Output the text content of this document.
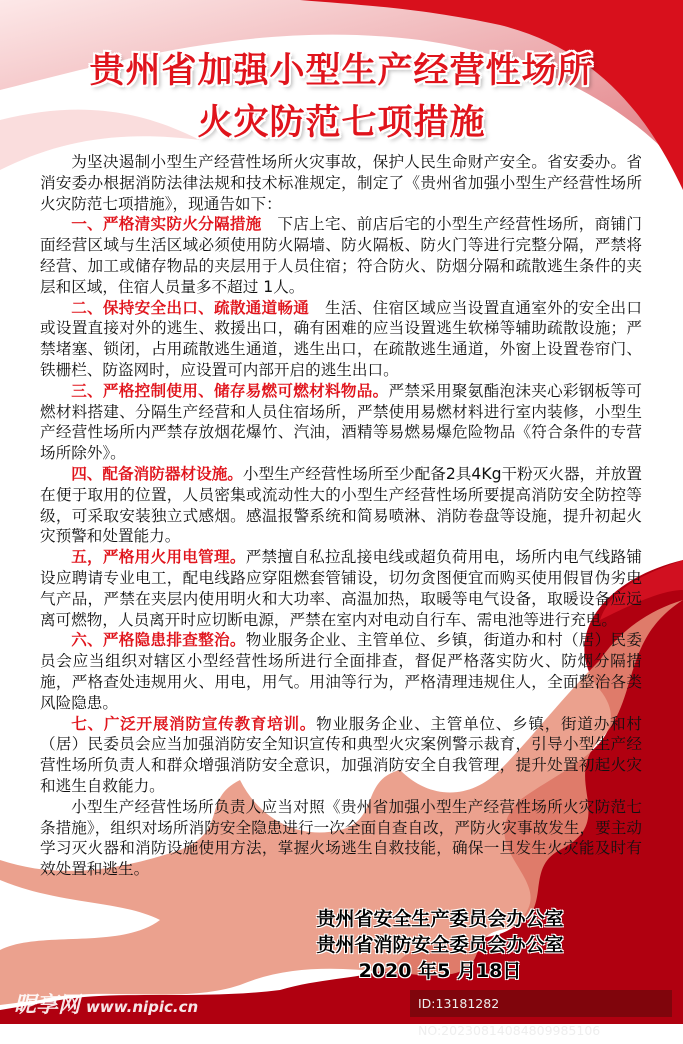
贵州省加强小型生产经营性场所
火灾防范七项措施

为坚决遏制小型生产经营性场所火灾事故，保护人民生命财产安全。省安委办。省消安委办根据消防法律法规和技术标准规定，制定了《贵州省加强小型生产经营性场所火灾防范七项措施》，现通告如下：

一、严格清实防火分隔措施　下店上宅、前店后宅的小型生产经营性场所，商铺门面经营区域与生活区域必须使用防火隔墙、防火隔板、防火门等进行完整分隔，严禁将经营、加工或储存物品的夹层用于人员住宿；符合防火、防烟分隔和疏散逃生条件的夹层和区域，住宿人员量多不超过 1人。

二、保持安全出口、疏散通道畅通　生活、住宿区域应当设置直通室外的安全出口或设置直接对外的逃生、救援出口，确有困难的应当设置逃生软梯等辅助疏散设施；严禁堵塞、锁闭，占用疏散逃生通道，逃生出口，在疏散逃生通道，外窗上设置卷帘门、铁栅栏、防盗网时，应设置可内部开启的逃生出口。

三、严格控制使用、储存易燃可燃材料物品。严禁采用聚氨酯泡沫夹心彩钢板等可燃材料搭建、分隔生产经营和人员住宿场所，严禁使用易燃材料进行室内装修，小型生产经营性场所内严禁存放烟花爆竹、汽油，酒精等易燃易爆危险物品《符合条件的专营场所除外》。

四、配备消防器材设施。小型生产经营性场所至少配备2具4Kg干粉灭火器，并放置在便于取用的位置，人员密集或流动性大的小型生产经营性场所要提高消防安全防控等级，可采取安装独立式感烟。感温报警系统和简易喷淋、消防卷盘等设施，提升初起火灾预警和处置能力。

五，严格用火用电管理。严禁擅自私拉乱接电线或超负荷用电，场所内电气线路铺设应聘请专业电工，配电线路应穿阻燃套管铺设，切勿贪图便宜而购买使用假冒伪劣电气产品，严禁在夹层内使用明火和大功率、高温加热，取暖等电气设备，取暖设备应远离可燃物，人员离开时应切断电源，严禁在室内对电动自行车、需电池等进行充电。

六、严格隐患排查整治。物业服务企业、主管单位、乡镇，街道办和村（居）民委员会应当组织对辖区小型经营性场所进行全面排查，督促严格落实防火、防烟分隔措施，严格查处违规用火、用电，用气。用油等行为，严格清理违规住人，全面整治各类风险隐患。

七、广泛开展消防宣传教育培训。物业服务企业、主管单位、乡镇，街道办和村（居）民委员会应当加强消防安全知识宣传和典型火灾案例警示裁育，引导小型生产经营性场所负责人和群众增强消防安全意识，加强消防安全自我管理，提升处置初起火灾和逃生自救能力。

小型生产经营性场所负责人应当对照《贵州省加强小型生产经营性场所火灾防范七条措施》，组织对场所消防安全隐患进行一次全面自查自改，严防火灾事故发生，要主动学习灭火器和消防设施使用方法，掌握火场逃生自救技能，确保一旦发生火灾能及时有效处置和逃生。

贵州省安全生产委员会办公室
贵州省消防安全委员会办公室
2020 年5 月18日
昵享网 www.nipic.cn	ID:13181282 NO:20230814084809985106
